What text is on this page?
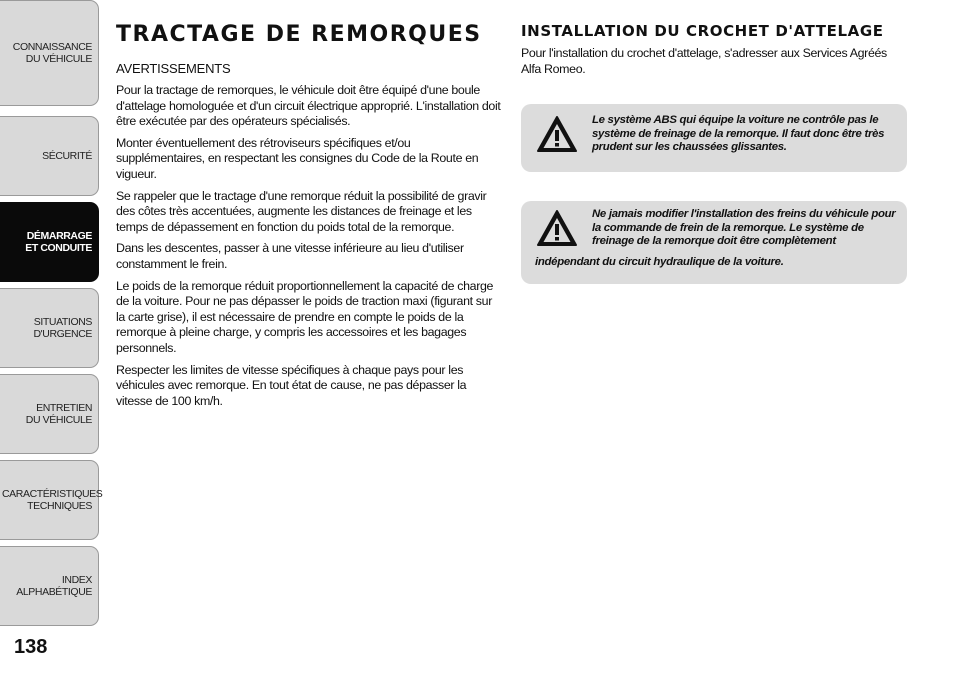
CONNAISSANCE DU VÉHICULE
SÉCURITÉ
DÉMARRAGE ET CONDUITE
SITUATIONS D'URGENCE
ENTRETIEN DU VÉHICULE
CARACTÉRISTIQUES TECHNIQUES
INDEX ALPHABÉTIQUE
138
TRACTAGE DE REMORQUES
AVERTISSEMENTS

Pour la tractage de remorques, le véhicule doit être équipé d'une boule d'attelage homologuée et d'un circuit électrique approprié. L'installation doit être exécutée par des opérateurs spécialisés.

Monter éventuellement des rétroviseurs spécifiques et/ou supplémentaires, en respectant les consignes du Code de la Route en vigueur.

Se rappeler que le tractage d'une remorque réduit la possibilité de gravir des côtes très accentuées, augmente les distances de freinage et les temps de dépassement en fonction du poids total de la remorque.

Dans les descentes, passer à une vitesse inférieure au lieu d'utiliser constamment le frein.

Le poids de la remorque réduit proportionnellement la capacité de charge de la voiture. Pour ne pas dépasser le poids de traction maxi (figurant sur la carte grise), il est nécessaire de prendre en compte le poids de la remorque à pleine charge, y compris les accessoires et les bagages personnels.

Respecter les limites de vitesse spécifiques à chaque pays pour les véhicules avec remorque. En tout état de cause, ne pas dépasser la vitesse de 100 km/h.

INSTALLATION DU CROCHET D'ATTELAGE

Pour l'installation du crochet d'attelage, s'adresser aux Services Agréés Alfa Romeo.

Le système ABS qui équipe la voiture ne contrôle pas le système de freinage de la remorque. Il faut donc être très prudent sur les chaussées glissantes.
Ne jamais modifier l'installation des freins du véhicule pour la commande de frein de la remorque. Le système de freinage de la remorque doit être complètement
indépendant du circuit hydraulique de la voiture.
